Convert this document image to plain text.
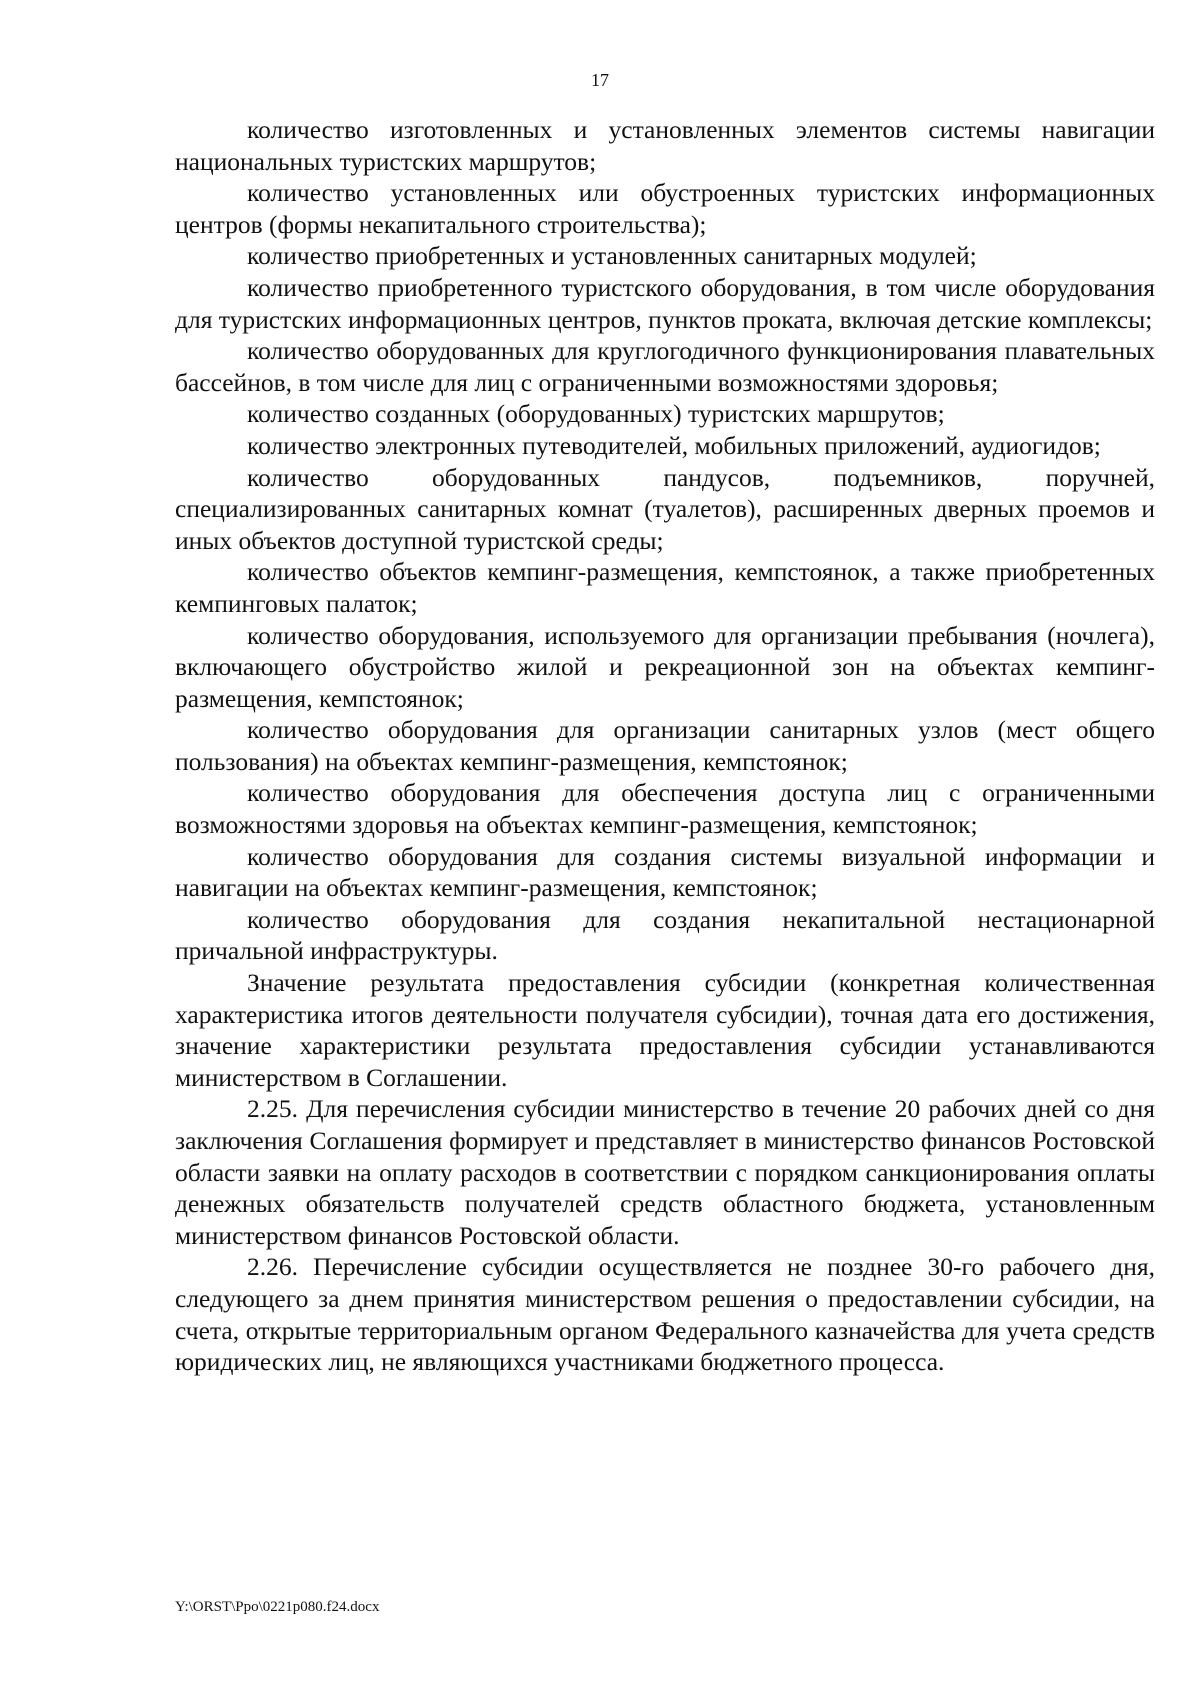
17

количество изготовленных и установленных элементов системы навигации национальных туристских маршрутов;

количество установленных или обустроенных туристских информационных центров (формы некапитального строительства);

количество приобретенных и установленных санитарных модулей;

количество приобретенного туристского оборудования, в том числе оборудования для туристских информационных центров, пунктов проката, включая детские комплексы;

количество оборудованных для круглогодичного функционирования плавательных бассейнов, в том числе для лиц с ограниченными возможностями здоровья;

количество созданных (оборудованных) туристских маршрутов;

количество электронных путеводителей, мобильных приложений, аудиогидов;

количество оборудованных пандусов, подъемников, поручней, специализированных санитарных комнат (туалетов), расширенных дверных проемов и иных объектов доступной туристской среды;

количество объектов кемпинг-размещения, кемпстоянок, а также приобретенных кемпинговых палаток;

количество оборудования, используемого для организации пребывания (ночлега), включающего обустройство жилой и рекреационной зон на объектах кемпинг-размещения, кемпстоянок;

количество оборудования для организации санитарных узлов (мест общего пользования) на объектах кемпинг-размещения, кемпстоянок;

количество оборудования для обеспечения доступа лиц с ограниченными возможностями здоровья на объектах кемпинг-размещения, кемпстоянок;

количество оборудования для создания системы визуальной информации и навигации на объектах кемпинг-размещения, кемпстоянок;

количество оборудования для создания некапитальной нестационарной причальной инфраструктуры.

Значение результата предоставления субсидии (конкретная количественная характеристика итогов деятельности получателя субсидии), точная дата его достижения, значение характеристики результата предоставления субсидии устанавливаются министерством в Соглашении.

2.25. Для перечисления субсидии министерство в течение 20 рабочих дней со дня заключения Соглашения формирует и представляет в министерство финансов Ростовской области заявки на оплату расходов в соответствии с порядком санкционирования оплаты денежных обязательств получателей средств областного бюджета, установленным министерством финансов Ростовской области.

2.26. Перечисление субсидии осуществляется не позднее 30-го рабочего дня, следующего за днем принятия министерством решения о предоставлении субсидии, на счета, открытые территориальным органом Федерального казначейства для учета средств юридических лиц, не являющихся участниками бюджетного процесса.

Y:\ORST\Ppo\0221p080.f24.docx
